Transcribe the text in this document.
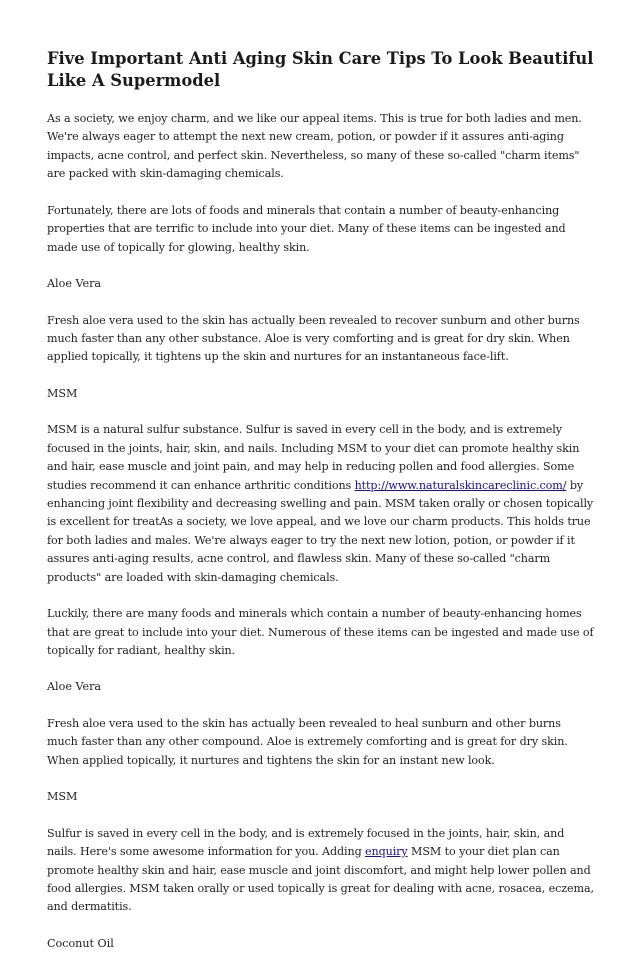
Five Important Anti Aging Skin Care Tips To Look Beautiful Like A Supermodel
As a society, we enjoy charm, and we like our appeal items. This is true for both ladies and men. We're always eager to attempt the next new cream, potion, or powder if it assures anti-aging impacts, acne control, and perfect skin. Nevertheless, so many of these so-called "charm items" are packed with skin-damaging chemicals.
Fortunately, there are lots of foods and minerals that contain a number of beauty-enhancing properties that are terrific to include into your diet. Many of these items can be ingested and made use of topically for glowing, healthy skin.
Aloe Vera
Fresh aloe vera used to the skin has actually been revealed to recover sunburn and other burns much faster than any other substance. Aloe is very comforting and is great for dry skin. When applied topically, it tightens up the skin and nurtures for an instantaneous face-lift.
MSM
MSM is a natural sulfur substance. Sulfur is saved in every cell in the body, and is extremely focused in the joints, hair, skin, and nails. Including MSM to your diet can promote healthy skin and hair, ease muscle and joint pain, and may help in reducing pollen and food allergies. Some studies recommend it can enhance arthritic conditions http://www.naturalskincareclinic.com/ by enhancing joint flexibility and decreasing swelling and pain. MSM taken orally or chosen topically is excellent for treatAs a society, we love appeal, and we love our charm products. This holds true for both ladies and males. We're always eager to try the next new lotion, potion, or powder if it assures anti-aging results, acne control, and flawless skin. Many of these so-called "charm products" are loaded with skin-damaging chemicals.
Luckily, there are many foods and minerals which contain a number of beauty-enhancing homes that are great to include into your diet. Numerous of these items can be ingested and made use of topically for radiant, healthy skin.
Aloe Vera
Fresh aloe vera used to the skin has actually been revealed to heal sunburn and other burns much faster than any other compound. Aloe is extremely comforting and is great for dry skin. When applied topically, it nurtures and tightens the skin for an instant new look.
MSM
Sulfur is saved in every cell in the body, and is extremely focused in the joints, hair, skin, and nails. Here's some awesome information for you. Adding enquiry MSM to your diet plan can promote healthy skin and hair, ease muscle and joint discomfort, and might help lower pollen and food allergies. MSM taken orally or used topically is great for dealing with acne, rosacea, eczema, and dermatitis.
Coconut Oil
